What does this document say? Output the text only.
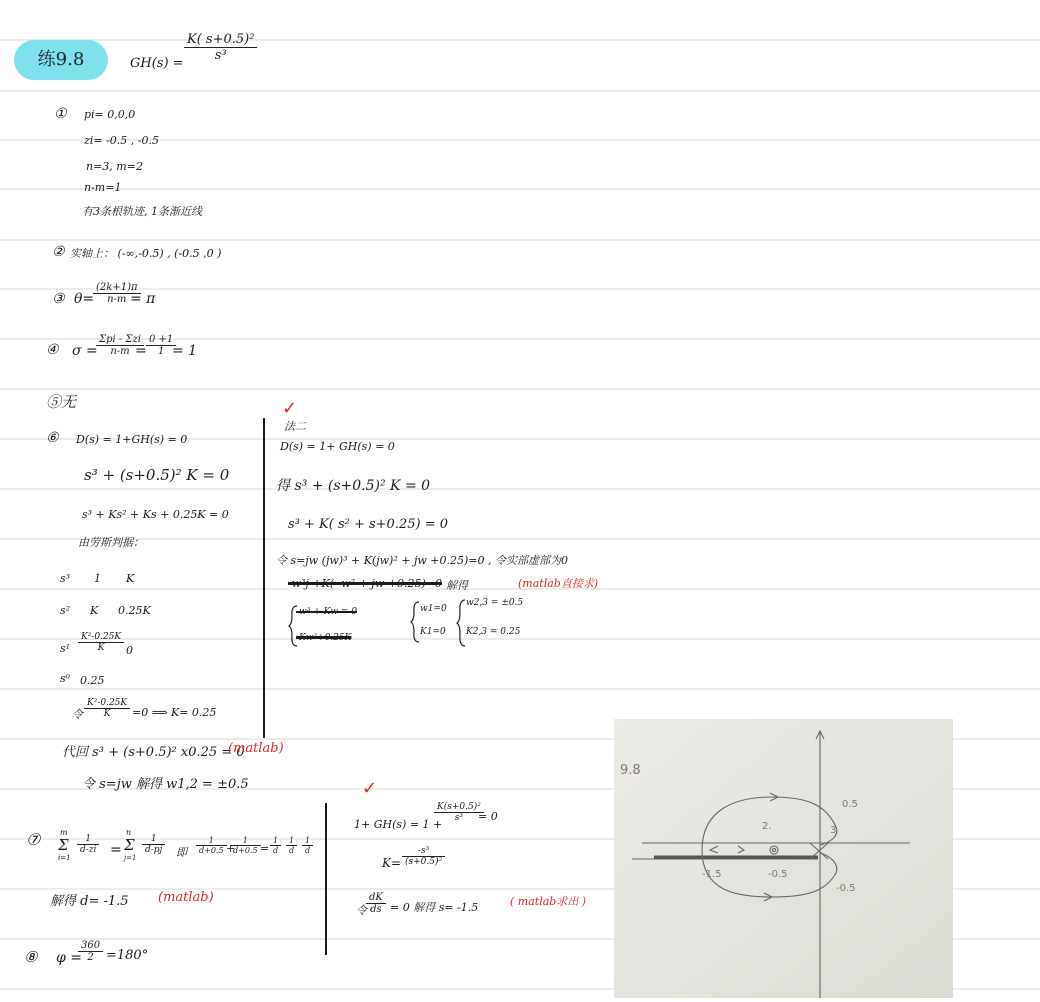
练9.8	GH(s) =
$\frac{\text{K( s+0.5)²}}{\text{s³}}$
① pi= 0,0,0
zi= -0.5 , -0.5
n=3, m=2
n-m=1
有3条根轨迹, 1条渐近线
② 实轴上： (-∞,-0.5) , (-0.5 ,0 )
③ θ=
$\frac{(2k+1)\pi}{n-m}$
= π
④ σ =
Σpi - Σzi
$n-m = \frac{0 +1}{1}$
= 1
⑤无
⑥ D(s) = 1+GH(s) = 0
s³ + (s+0.5)² K = 0
s³ + Ks² + Ks + 0.25K = 0
由劳斯判据：
s³ 1 K
s² K 0.25K
$s^1 \frac{\text{K²-0.25K}}{K} 0$
s⁰ 0.25
令 $\frac{\text{K²-0.25K}}{K} =0$ ⟹ K= 0.25
代回 s³ + (s+0.5)² x0.25 = 0
(matlab)
令 s=jw 解得 w1,2 = ±0.5
✓
法二
D(s) = 1+ GH(s) = 0
得 s³ + (s+0.5)² K = 0
s³ + K( s² + s+0.25) = 0
令 s=jw (jw)³ + K(jw)² + jw +0.25)=0 , 令实部虚部为0
-w³j +K( -w² + jw +0.25)=0 解得	(matlab直接求)
-w³ + Kw = 0
-Kw²+0.25K
w1=0
K1=0
w2,3 = ±0.5
K2,3 = 0.25
⑦ m
Σ
i=1
$\frac{1}{d-zi}$ =
n
Σ
j=1
$\frac{1}{d-pj}$ 即 $\frac{1}{d+0.5}$ +
$\frac{1}{d+0.5} = \frac{1}{d} \frac{1}{d} \frac{1}{d}$
解得 d= -1.5 (matlab)
⑧ φ =
$\frac{360}{2} =180^\circ$
✓
1+ GH(s) = 1 +
$\frac{\text{K(s+0.5)²}}{\text{s³}}$
= 0
$K= \frac{\text{-s³}}{\text{(s+0.5)²}}$
令 $\frac{dK}{ds} = 0$ 解得 s= -1.5	( matlab求出 )
9.8
0.5
2.	3
-1.5	-0.5
-0.5
